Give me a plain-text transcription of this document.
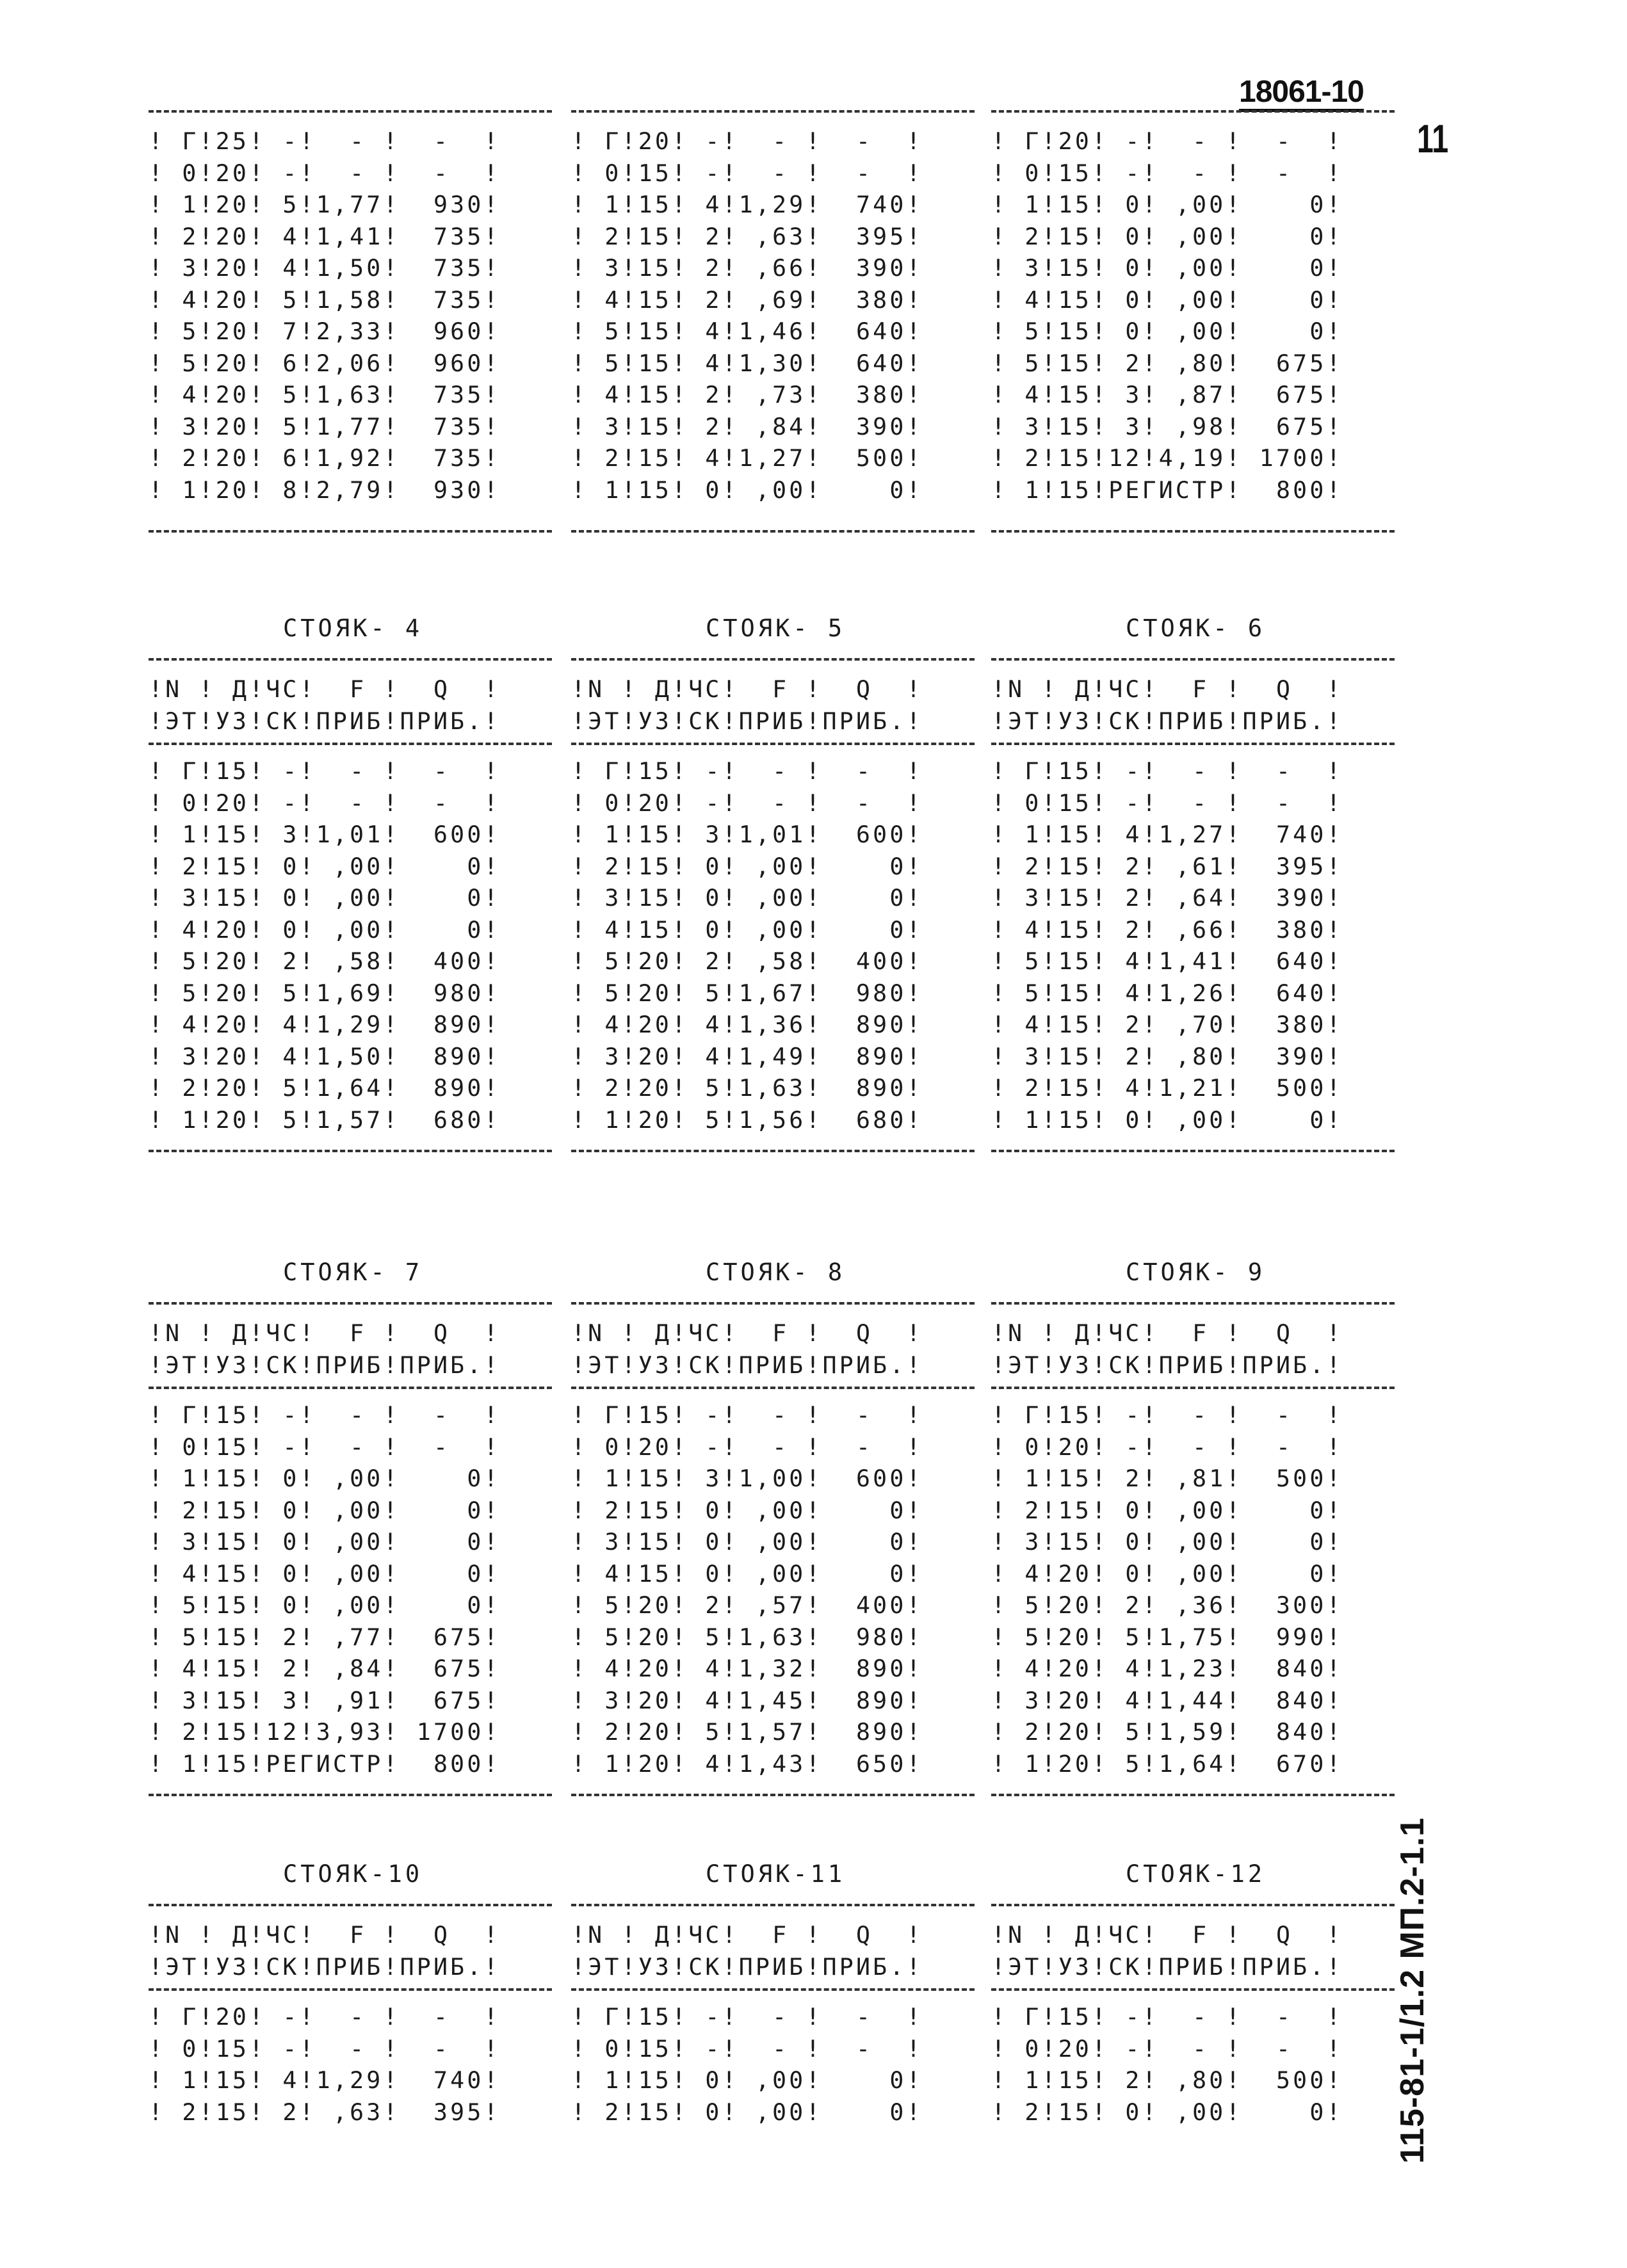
18061-10
11
115-81-1/1.2 МП.2-1.1
! Г!25! -!  - !  -  !
! 0!20! -!  - !  -  !
! 1!20! 5!1,77!  930!
! 2!20! 4!1,41!  735!
! 3!20! 4!1,50!  735!
! 4!20! 5!1,58!  735!
! 5!20! 7!2,33!  960!
! 5!20! 6!2,06!  960!
! 4!20! 5!1,63!  735!
! 3!20! 5!1,77!  735!
! 2!20! 6!1,92!  735!
! 1!20! 8!2,79!  930!
! Г!20! -!  - !  -  !
! 0!15! -!  - !  -  !
! 1!15! 4!1,29!  740!
! 2!15! 2! ,63!  395!
! 3!15! 2! ,66!  390!
! 4!15! 2! ,69!  380!
! 5!15! 4!1,46!  640!
! 5!15! 4!1,30!  640!
! 4!15! 2! ,73!  380!
! 3!15! 2! ,84!  390!
! 2!15! 4!1,27!  500!
! 1!15! 0! ,00!    0!
! Г!20! -!  - !  -  !
! 0!15! -!  - !  -  !
! 1!15! 0! ,00!    0!
! 2!15! 0! ,00!    0!
! 3!15! 0! ,00!    0!
! 4!15! 0! ,00!    0!
! 5!15! 0! ,00!    0!
! 5!15! 2! ,80!  675!
! 4!15! 3! ,87!  675!
! 3!15! 3! ,98!  675!
! 2!15!12!4,19! 1700!
! 1!15!РЕГИСТР!  800!
СТОЯК- 4
!N ! Д!ЧС!  F !  Q  !
!ЭТ!УЗ!СК!ПРИБ!ПРИБ.!
! Г!15! -!  - !  -  !
! 0!20! -!  - !  -  !
! 1!15! 3!1,01!  600!
! 2!15! 0! ,00!    0!
! 3!15! 0! ,00!    0!
! 4!20! 0! ,00!    0!
! 5!20! 2! ,58!  400!
! 5!20! 5!1,69!  980!
! 4!20! 4!1,29!  890!
! 3!20! 4!1,50!  890!
! 2!20! 5!1,64!  890!
! 1!20! 5!1,57!  680!
СТОЯК- 5
!N ! Д!ЧС!  F !  Q  !
!ЭТ!УЗ!СК!ПРИБ!ПРИБ.!
! Г!15! -!  - !  -  !
! 0!20! -!  - !  -  !
! 1!15! 3!1,01!  600!
! 2!15! 0! ,00!    0!
! 3!15! 0! ,00!    0!
! 4!15! 0! ,00!    0!
! 5!20! 2! ,58!  400!
! 5!20! 5!1,67!  980!
! 4!20! 4!1,36!  890!
! 3!20! 4!1,49!  890!
! 2!20! 5!1,63!  890!
! 1!20! 5!1,56!  680!
СТОЯК- 6
!N ! Д!ЧС!  F !  Q  !
!ЭТ!УЗ!СК!ПРИБ!ПРИБ.!
! Г!15! -!  - !  -  !
! 0!15! -!  - !  -  !
! 1!15! 4!1,27!  740!
! 2!15! 2! ,61!  395!
! 3!15! 2! ,64!  390!
! 4!15! 2! ,66!  380!
! 5!15! 4!1,41!  640!
! 5!15! 4!1,26!  640!
! 4!15! 2! ,70!  380!
! 3!15! 2! ,80!  390!
! 2!15! 4!1,21!  500!
! 1!15! 0! ,00!    0!
СТОЯК- 7
!N ! Д!ЧС!  F !  Q  !
!ЭТ!УЗ!СК!ПРИБ!ПРИБ.!
! Г!15! -!  - !  -  !
! 0!15! -!  - !  -  !
! 1!15! 0! ,00!    0!
! 2!15! 0! ,00!    0!
! 3!15! 0! ,00!    0!
! 4!15! 0! ,00!    0!
! 5!15! 0! ,00!    0!
! 5!15! 2! ,77!  675!
! 4!15! 2! ,84!  675!
! 3!15! 3! ,91!  675!
! 2!15!12!3,93! 1700!
! 1!15!РЕГИСТР!  800!
СТОЯК- 8
!N ! Д!ЧС!  F !  Q  !
!ЭТ!УЗ!СК!ПРИБ!ПРИБ.!
! Г!15! -!  - !  -  !
! 0!20! -!  - !  -  !
! 1!15! 3!1,00!  600!
! 2!15! 0! ,00!    0!
! 3!15! 0! ,00!    0!
! 4!15! 0! ,00!    0!
! 5!20! 2! ,57!  400!
! 5!20! 5!1,63!  980!
! 4!20! 4!1,32!  890!
! 3!20! 4!1,45!  890!
! 2!20! 5!1,57!  890!
! 1!20! 4!1,43!  650!
СТОЯК- 9
!N ! Д!ЧС!  F !  Q  !
!ЭТ!УЗ!СК!ПРИБ!ПРИБ.!
! Г!15! -!  - !  -  !
! 0!20! -!  - !  -  !
! 1!15! 2! ,81!  500!
! 2!15! 0! ,00!    0!
! 3!15! 0! ,00!    0!
! 4!20! 0! ,00!    0!
! 5!20! 2! ,36!  300!
! 5!20! 5!1,75!  990!
! 4!20! 4!1,23!  840!
! 3!20! 4!1,44!  840!
! 2!20! 5!1,59!  840!
! 1!20! 5!1,64!  670!
СТОЯК-10
!N ! Д!ЧС!  F !  Q  !
!ЭТ!УЗ!СК!ПРИБ!ПРИБ.!
! Г!20! -!  - !  -  !
! 0!15! -!  - !  -  !
! 1!15! 4!1,29!  740!
! 2!15! 2! ,63!  395!
СТОЯК-11
!N ! Д!ЧС!  F !  Q  !
!ЭТ!УЗ!СК!ПРИБ!ПРИБ.!
! Г!15! -!  - !  -  !
! 0!15! -!  - !  -  !
! 1!15! 0! ,00!    0!
! 2!15! 0! ,00!    0!
СТОЯК-12
!N ! Д!ЧС!  F !  Q  !
!ЭТ!УЗ!СК!ПРИБ!ПРИБ.!
! Г!15! -!  - !  -  !
! 0!20! -!  - !  -  !
! 1!15! 2! ,80!  500!
! 2!15! 0! ,00!    0!
